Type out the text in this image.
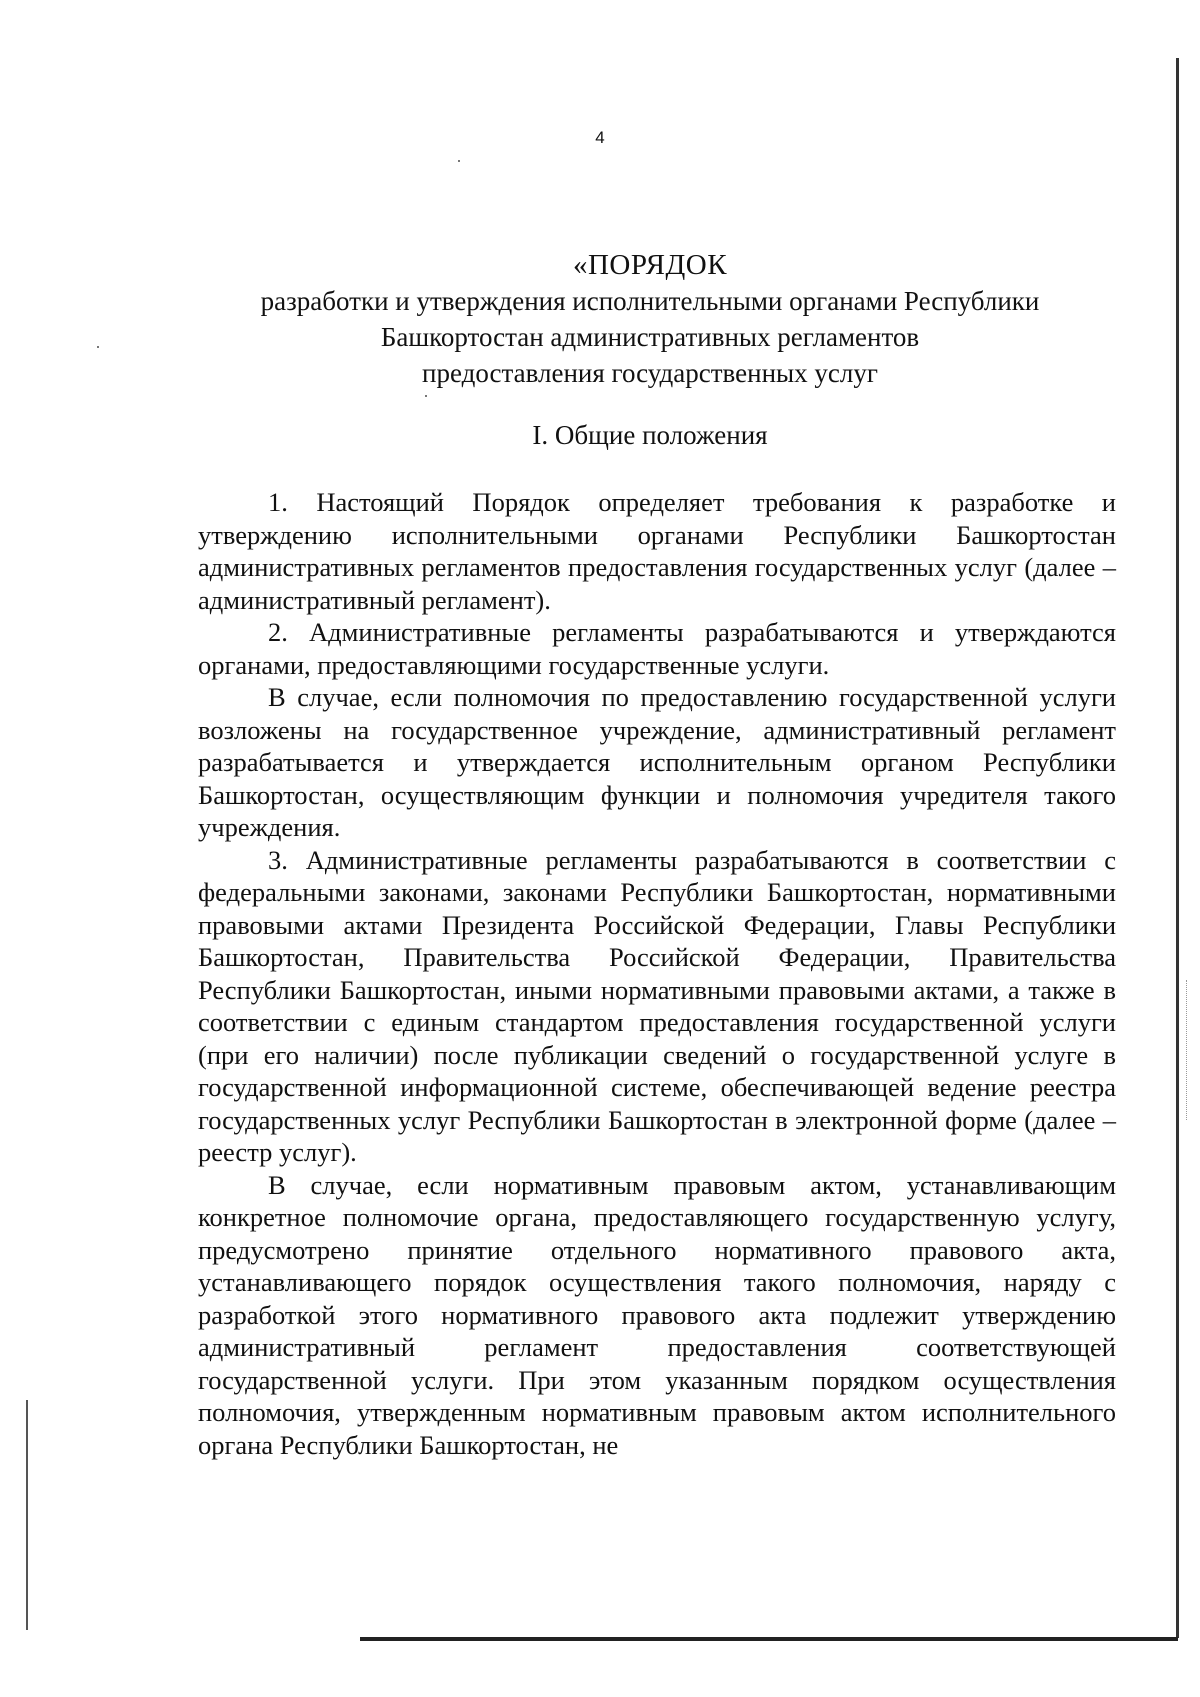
4
«ПОРЯДОК
разработки и утверждения исполнительными органами Республики
Башкортостан административных регламентов
предоставления государственных услуг
I. Общие положения

1. Настоящий Порядок определяет требования к разработке и утверждению исполнительными органами Республики Башкортостан административных регламентов предоставления государственных услуг (далее – административный регламент).

2. Административные регламенты разрабатываются и утверждаются органами, предоставляющими государственные услуги.

В случае, если полномочия по предоставлению государственной услуги возложены на государственное учреждение, административный регламент разрабатывается и утверждается исполнительным органом Республики Башкортостан, осуществляющим функции и полномочия учредителя такого учреждения.

3. Административные регламенты разрабатываются в соответствии с федеральными законами, законами Республики Башкортостан, нормативными правовыми актами Президента Российской Федерации, Главы Республики Башкортостан, Правительства Российской Федерации, Правительства Республики Башкортостан, иными нормативными правовыми актами, а также в соответствии с единым стандартом предоставления государственной услуги (при его наличии) после публикации сведений о государственной услуге в государственной информационной системе, обеспечивающей ведение реестра государственных услуг Республики Башкортостан в электронной форме (далее – реестр услуг).

В случае, если нормативным правовым актом, устанавливающим конкретное полномочие органа, предоставляющего государственную услугу, предусмотрено принятие отдельного нормативного правового акта, устанавливающего порядок осуществления такого полномочия, наряду с разработкой этого нормативного правового акта подлежит утверждению административный регламент предоставления соответствующей государственной услуги. При этом указанным порядком осуществления полномочия, утвержденным нормативным правовым актом исполнительного органа Республики Башкортостан, не
